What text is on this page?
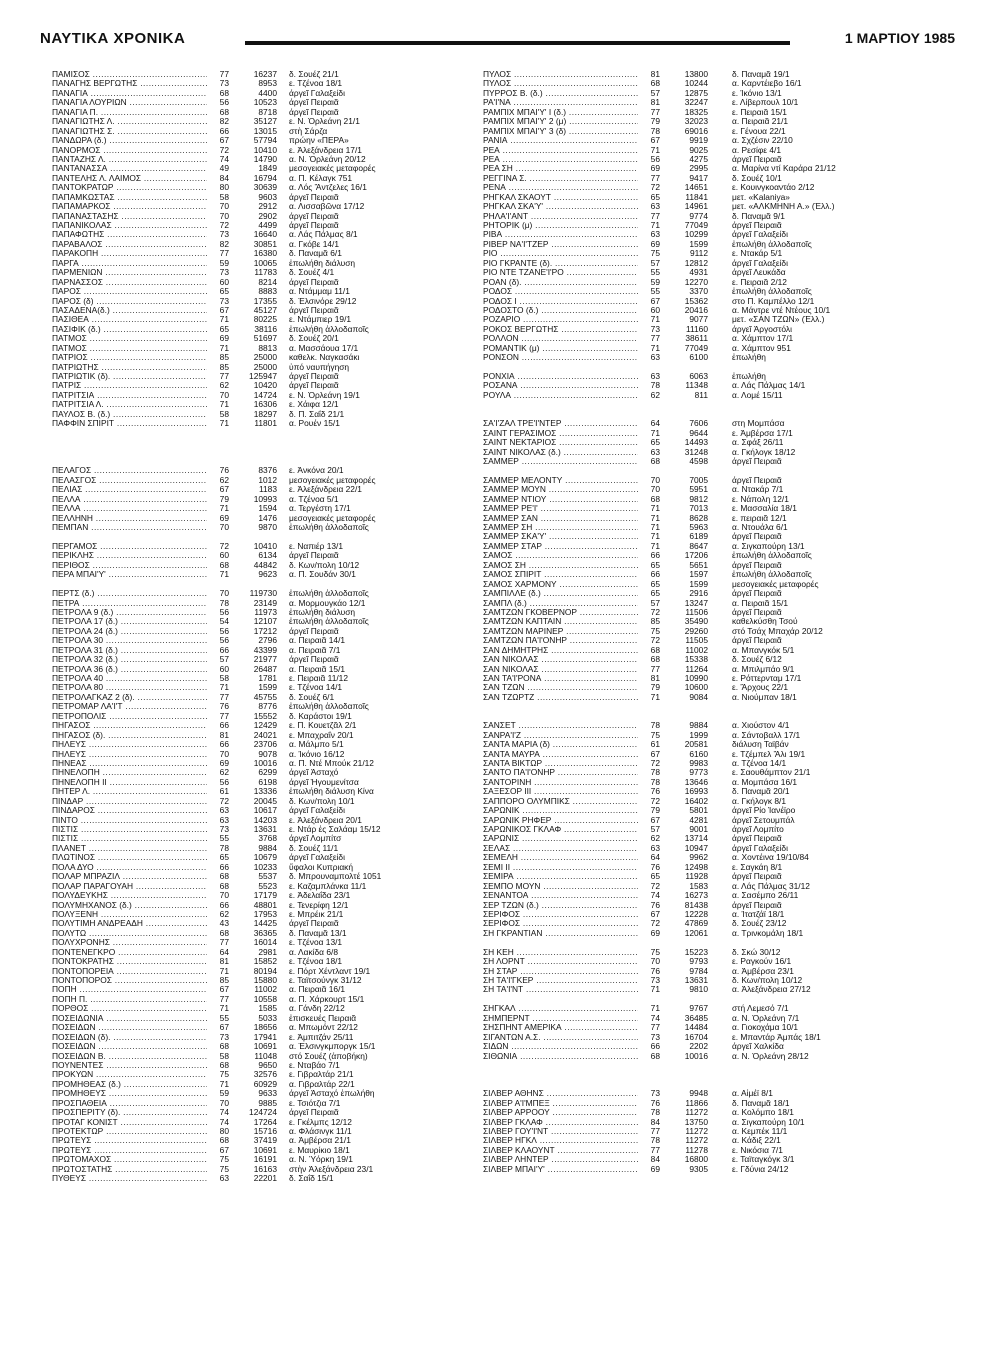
ΝΑΥΤΙΚΑ ΧΡΟΝΙΚΑ	1 ΜΑΡΤΙΟΥ 1985
ΠΑΜΙΣΟΣ .....	77	16237	δ. Σουέζ 21/1
ΠΑΝΑΓΗΣ ΒΕΡΓΩΤΗΣ .....	73	8953	ε. Τζένοα 18/1
ΠΑΝΑΓΙΑ .....	68	4400	άργεῖ Γαλαξείδι
ΠΑΝΑΓΙΑ ΛΟΥΡΙΩΝ .....	56	10523	άργεῖ Πειραιᾶ
ΠΑΝΑΓΙΑ Π. .....	68	8718	άργεῖ Πειραιᾶ
ΠΑΝΑΓΙΩΤΗΣ Λ. .....	82	35127	ε. Ν. Ὀρλεάνη 21/1
ΠΑΝΑΓΙΩΤΗΣ Σ. .....	66	13015	στὴ Σάρζα
ΠΑΝΔΩΡΑ (δ.) .....	67	57794	πρώην «ΠΕΡΑ»
ΠΑΝΟΡΜΟΣ .....	72	10410	ε. Ἀλεξάνδρεια 17/1
ΠΑΝΤΑΖΗΣ Λ. .....	74	14790	α. Ν. Ὀρλεάνη 20/12
ΠΑΝΤΑΝΑΣΣΑ .....	49	1849	μεσογειακές μεταφορές
ΠΑΝΤΕΛΗΣ Λ. ΛΑΙΜΟΣ .....	84	16794	α. Π. Κέλαγκ 751
ΠΑΝΤΟΚΡΑΤΩΡ .....	80	30639	α. Λός Ἄντζελες 16/1
ΠΑΠΑΜΚΩΣΤΑΣ .....	58	9603	άργεῖ Πειραιᾶ
ΠΑΠΑΜΑΡΚΟΣ .....	70	2912	α. Λισσαβῶνα 17/12
ΠΑΠΑΝΑΣΤΑΣΗΣ .....	70	2902	άργεῖ Πειραιᾶ
ΠΑΠΑΝΙΚΟΛΑΣ .....	72	4499	άργεῖ Πειραιᾶ
ΠΑΠΑΦΩΤΗΣ .....	73	16640	α. Λάς Πάλμας 8/1
ΠΑΡΑΒΑΛΟΣ .....	82	30851	α. Γκόβε 14/1
ΠΑΡΑΚΟΠΗ .....	77	16380	δ. Παναμᾶ 6/1
ΠΑΡΓΑ .....	59	10065	ἐπωλήθη διάλυση
ΠΑΡΜΕΝΙΩΝ .....	73	11783	δ. Σουέζ 4/1
ΠΑΡΝΑΣΣΟΣ .....	60	8214	άργεῖ Πειραιᾶ
ΠΑΡΟΣ .....	65	8883	α. Ντάμμαμ 11/1
ΠΑΡΟΣ (δ) .....	73	17355	δ. Ἐλσινόρε 29/12
ΠΑΣΑΔΕΝΑ(δ.) .....	67	45127	άργεῖ Πειραιᾶ
ΠΑΣΙΘΕΑ .....	71	80225	ε. Ντάμπιερ 19/1
ΠΑΣΙΦΙΚ (δ.) .....	65	38116	ἐπωλήθη ἀλλοδαποῖς
ΠΑΤΜΟΣ .....	69	51697	δ. Σουέζ 20/1
ΠΑΤΜΟΣ .....	71	8813	α. Μασσάουα 17/1
ΠΑΤΡΙΟΣ .....	85	25000	καθελκ. Ναγκασάκι
ΠΑΤΡΙΩΤΗΣ .....	85	25000	ὑπό ναυπήγηση
ΠΑΤΡΙΩΤΙΚ (δ). .....	77	125947	άργεῖ Πειραιᾶ
ΠΑΤΡΙΣ .....	62	10420	άργεῖ Πειραιᾶ
ΠΑΤΡΙΤΣΙΑ .....	70	14724	ε. Ν. Ὀρλεάνη 19/1
ΠΑΤΡΙΤΣΙΑ Λ. .....	71	16306	ε. Χάιφα 12/1
ΠΑΥΛΟΣ Β. (δ.) .....	58	18297	δ. Π. Σαΐδ 21/1
ΠΑΦΦΙΝ ΣΠΙΡΙΤ .....	71	11801	α. Ρουέν 15/1
ΠΕΛΑΓΟΣ .....	76	8376	ε. Ἀνκόνα 20/1
ΠΕΛΑΣΓΟΣ .....	62	1012	μεσογειακές μεταφορές
ΠΕΛΙΑΣ .....	67	1183	ε. Ἀλεξάνδρεια 22/1
ΠΕΛΛΑ .....	79	10993	α. Τζένοα 5/1
ΠΕΛΛΑ .....	71	1594	α. Τεργέστη 17/1
ΠΕΛΛΗΝΗ .....	69	1476	μεσογειακές μεταφορές
ΠΕΜΠΑΝ .....	70	9870	ἐπωλήθη ἀλλοδαποῖς
ΠΕΡΓΑΜΟΣ .....	72	10410	ε. Ναπιέρ 13/1
ΠΕΡΙΚΛΗΣ .....	60	6134	άργεῖ Πειραιᾶ
ΠΕΡΙΘΟΣ .....	68	44842	δ. Κων/πολη 10/12
ΠΕΡΑ ΜΠΑΙ'Υ' .....	71	9623	α. Π. Σουδάν 30/1
ΠΕΡΤΣ (δ.) .....	70	119730	ἐπωλήθη ἀλλοδαποῖς
ΠΕΤΡΑ .....	78	23149	α. Μορμουγκάο 12/1
ΠΕΤΡΟΛΑ 9 (δ.) .....	56	11973	ἐπωλήθη διάλυση
ΠΕΤΡΟΛΑ 17 (δ.) .....	54	12107	ἐπωλήθη ἀλλοδαποῖς
ΠΕΤΡΟΛΑ 24 (δ.) .....	56	17212	άργεῖ Πειραιᾶ
ΠΕΤΡΟΛΑ 30 .....	56	2796	α. Πειραιᾶ 14/1
ΠΕΤΡΟΛΑ 31 (δ.) .....	66	43399	α. Πειραιᾶ 7/1
ΠΕΤΡΟΛΑ 32 (δ.) .....	57	21977	άργεῖ Πειραιᾶ
ΠΕΤΡΟΛΑ 36 (δ.) .....	60	26487	α. Πειραιᾶ 15/1
ΠΕΤΡΟΛΑ 40 .....	58	1781	ε. Πειραιᾶ 11/12
ΠΕΤΡΟΛΑ 80 .....	71	1599	ε. Τζένοα 14/1
ΠΕΤΡΟΛΑΓΚΑΖ 2 (δ). .....	77	45755	δ. Σουέζ 6/1
ΠΕΤΡΟΜΑΡ ΛΑ'Ι'Τ .....	76	8776	ἐπωλήθη ἀλλοδαποῖς
ΠΕΤΡΟΠΟΛΙΣ .....	77	15552	δ. Καράστοι 19/1
ΠΗΓΑΣΟΣ .....	66	12429	ε. Π. Κουετζᾶλ 2/1
ΠΗΓΑΣΟΣ (δ). .....	81	24021	ε. Μπαχραΐν 20/1
ΠΗΛΕΥΣ .....	66	23706	α. Μάλμπο 5/1
ΠΗΛΕΥΣ .....	70	9078	α. Ἰκόνιο 16/12
ΠΗΝΕΑΣ .....	69	10016	α. Π. Ντέ Μπούκ 21/12
ΠΗΝΕΛΟΠΗ .....	62	6299	άργεῖ Ἀσταχό
ΠΗΝΕΛΟΠΗ ΙΙ .....	56	6198	άργεῖ Ἡγουμενίτσα
ΠΗΤΕΡ Λ. .....	61	13336	ἐπωλήθη διάλυση Κίνα
ΠΙΝΔΑΡ .....	72	20045	δ. Κων/πολη 10/1
ΠΙΝΔΑΡΟΣ .....	63	10617	άργεῖ Γαλαξείδι
ΠΙΝΤΟ .....	63	14203	ε. Ἀλεξάνδρεια 20/1
ΠΙΣΤΙΣ .....	73	13631	ε. Ντάρ ἐς Σαλάαμ 15/12
ΠΙΣΤΙΣ .....	55	3768	άργεῖ Λομπίτσ
ΠΛΑΝΕΤ .....	78	9884	δ. Σουέζ 11/1
ΠΛΩΤΙΝΟΣ .....	65	10679	άργεῖ Γαλαξείδι
ΠΟΛΑ ΔΥΟ .....	66	10233	ὕφαλοι Κυπριακή
ΠΟΛΑΡ ΜΠΡΑΖΙΛ .....	68	5537	δ. Μπρουναμπολτέ 1051
ΠΟΛΑΡ ΠΑΡΑΓΟΥΑΗ .....	68	5523	ε. Καζαμπλάνκα 11/1
ΠΟΛΥΔΕΥΚΗΣ .....	70	17179	ε. Ἀδελαΐδα 23/1
ΠΟΛΥΜΗΧΑΝΟΣ (δ.) .....	66	48801	ε. Τενερίφη 12/1
ΠΟΛΥΞΕΝΗ .....	62	17953	ε. Μπρέικ 21/1
ΠΟΛΥΤΙΜΗ ΑΝΔΡΕΑΔΗ .....	43	14425	άργεῖ Πειραιᾶ
ΠΟΛΥΤΩ .....	68	36365	δ. Παναμᾶ 13/1
ΠΟΛΥΧΡΟΝΗΣ .....	77	16014	ε. Τζένοα 13/1
ΠΟΝΤΕΝΕΓΚΡΟ .....	64	2981	α. Λακίδα 6/8
ΠΟΝΤΟΚΡΑΤΗΣ .....	81	15852	ε. Τζένοα 18/1
ΠΟΝΤΟΠΟΡΕΙΑ .....	71	80194	ε. Πόρτ Χέντλαντ 19/1
ΠΟΝΤΟΠΟΡΟΣ .....	85	15880	ε. Ταϊτσούνγκ 31/12
ΠΟΠΗ .....	67	11002	α. Πειραιᾶ 16/1
ΠΟΠΗ Π. .....	77	10558	α. Π. Χάρκουρτ 15/1
ΠΟΡΘΟΣ .....	71	1585	α. Γάνδη 22/12
ΠΟΣΕΙΔΩΝΙΑ .....	55	5033	ἐπισκευές Πειραιᾶ
ΠΟΣΕΙΔΩΝ .....	67	18656	α. Μπωμόντ 22/12
ΠΟΣΕΙΔΩΝ (δ). .....	73	17941	ε. Ἀμπιτζάν 25/11
ΠΟΣΕΙΔΩΝ .....	68	10691	α. Ἐλσινγκμποργκ 15/1
ΠΟΣΕΙΔΩΝ Β. .....	58	11048	στό Σουέζ (ἀποβήκη)
ΠΟΥΝΕΝΤΕΣ .....	68	9650	ε. Νταβάο 7/1
ΠΡΟΚΥΩΝ .....	75	32576	ε. Γιβραλτάρ 21/1
ΠΡΟΜΗΘΕΑΣ (δ.) .....	71	60929	α. Γιβραλτάρ 22/1
ΠΡΟΜΗΘΕΥΣ .....	59	9633	άργεῖ Ἀσταχό ἐπωλήθη
ΠΡΟΣΠΑΘΕΙΑ .....	70	9885	ε. Τσιότζια 7/1
ΠΡΟΣΠΕΡΙΤΥ (δ). .....	74	124724	άργεῖ Πειραιᾶ
ΠΡΟΤΑΓ ΚΟΝΙΣΤ .....	74	17264	ε. Γκέλμπς 12/12
ΠΡΟΤΕΚΤΩΡ .....	80	15716	α. Φλάσινγκ 11/1
ΠΡΩΤΕΥΣ .....	68	37419	α. Ἀμβέρσα 21/1
ΠΡΩΤΕΥΣ .....	67	10691	ε. Μαυρίκιο 18/1
ΠΡΩΤΟΜΑΧΟΣ .....	75	16191	α. Ν. Ὑόρκη 19/1
ΠΡΩΤΟΣΤΑΤΗΣ .....	75	16163	στὴν Ἀλεξάνδρεια 23/1
ΠΥΘΕΥΣ .....	63	22201	δ. Σαΐδ 15/1
ΠΥΛΟΣ .....	81	13800	δ. Παναμᾶ 19/1
ΠΥΛΟΣ .....	68	10244	α. Καρντέιεβο 16/1
ΠΥΡΡΟΣ Β. (δ.) .....	57	12875	ε. Ἰκόνιο 13/1
ΡΑ'Ι'ΝΑ .....	81	32247	ε. Λίβερπουλ 10/1
ΡΑΜΠΙΧ ΜΠΑΙ'Υ' Ι (δ.) .....	77	18325	ε. Πειραιᾶ 15/1
ΡΑΜΠΙΧ ΜΠΑΙ'Υ' 2 (μ) .....	79	32023	α. Πειραιᾶ 21/1
ΡΑΜΠΙΧ ΜΠΑΙ'Υ' 3 (δ) .....	78	69016	ε. Γένουα 22/1
ΡΑΝΙΑ .....	67	9919	α. Σχζέσιν 22/10
ΡΕΑ .....	71	9025	α. Ρεσίφε 4/1
ΡΕΑ .....	56	4275	άργεῖ Πειραιᾶ
ΡΕΑ ΣΗ .....	69	2995	α. Μαρίνα ντί Καράρα 21/12
ΡΕΓΓΙΝΑ Σ. .....	77	9417	δ. Σουέζ 10/1
ΡΕΝΑ .....	72	14651	ε. Κουινγκοαντάο 2/12
ΡΗΓΚΑΛ ΣΚΑΟΥΤ .....	65	11841	μετ. «Kalaniya»
ΡΗΓΚΑΛ ΣΚΑ'Υ' .....	63	14961	μετ. «ΑΛΚΜΗΝΗ Α.» (Ἑλλ.)
ΡΗΛΑ'Ι'ΑΝΤ .....	77	9774	δ. Παναμᾶ 9/1
ΡΗΤΟΡΙΚ (μ) .....	71	77049	άργεῖ Πειραιᾶ
ΡΙΒΑ .....	63	10299	άργεῖ Γαλαξείδι
ΡΙΒΕΡ ΝΑ'Ι'ΤΖΕΡ .....	69	1599	ἐπωλήθη ἀλλοδαποῖς
ΡΙΟ .....	75	9112	ε. Ντακάρ 5/1
ΡΙΟ ΓΚΡΑΝΤΕ (δ). .....	57	12812	άργεῖ Γαλαξείδι
ΡΙΟ ΝΤΕ ΤΖΑΝΕ'Ι'ΡΟ .....	55	4931	άργεῖ Λευκάδα
ΡΟΑΝ (δ). .....	59	12270	ε. Πειραιᾶ 2/12
ΡΟΔΟΣ .....	55	3370	ἐπωλήθη ἀλλοδαποῖς
ΡΟΔΟΣ Ι .....	67	15362	στο Π. Καμπέλλο 12/1
ΡΟΔΟΣΤΟ (δ.) .....	60	20416	α. Μάντρε ντέ Ντέους 10/1
ΡΟΖΑΡΙΟ .....	71	9077	μετ. «ΣΑΝ ΤΖΩΝ» (Ἑλλ.)
ΡΟΚΟΣ ΒΕΡΓΩΤΗΣ .....	73	11160	άργεῖ Ἀργοστόλι
ΡΟΛΛΟΝ .....	77	38611	α. Χάμπτον 17/1
ΡΟΜΑΝΤΙΚ (μ) .....	71	77049	α. Χάμπτον 951
ΡΟΝΣΟΝ .....	63	6100	ἐπωλήθη
ΡΟΝΧΙΑ .....	63	6063	ἐπωλήθη
ΡΟΣΑΝΑ .....	78	11348	α. Λάς Πάλμας 14/1
ΡΟΥΛΑ .....	62	811	α. Λομέ 15/11
ΣΑ'Ι'ΖΑΛ ΤΡΕ'Ι'ΝΤΕΡ .....	64	7606	στη Μομπάσα
ΣΑΙΝΤ ΓΕΡΑΣΙΜΟΣ .....	71	9644	ε. Ἀμβέρσα 17/1
ΣΑΙΝΤ ΝΕΚΤΑΡΙΟΣ .....	65	14493	α. Σφάξ 26/11
ΣΑΙΝΤ ΝΙΚΟΛΑΣ (δ.) .....	63	31248	α. Γκήλογκ 18/12
ΣΑΜΜΕΡ .....	68	4598	άργεῖ Πειραιᾶ
ΣΑΜΜΕΡ ΜΕΛΟΝΤΥ .....	70	7005	άργεῖ Πειραιᾶ
ΣΑΜΜΕΡ ΜΟΥΝ .....	70	5951	α. Ντακάρ 7/1
ΣΑΜΜΕΡ ΝΤΙΟΥ .....	68	9812	ε. Νάπολη 12/1
ΣΑΜΜΕΡ ΡΕ'Ι' .....	71	7013	ε. Μασσαλία 18/1
ΣΑΜΜΕΡ ΣΑΝ .....	71	8628	ε. πειραιᾶ 12/1
ΣΑΜΜΕΡ ΣΗ .....	71	5963	α. Ντουάλα 6/1
ΣΑΜΜΕΡ ΣΚΑ'Υ' .....	71	6189	άργεῖ Πειραιᾶ
ΣΑΜΜΕΡ ΣΤΑΡ .....	71	8647	α. Σιγκαπούρη 13/1
ΣΑΜΟΣ .....	66	17206	ἐπωλήθη ἀλλοδαποῖς
ΣΑΜΟΣ ΣΗ .....	65	5651	άργεῖ Πειραιᾶ
ΣΑΜΟΣ ΣΠΙΡΙΤ .....	66	1597	ἐπωλήθη ἀλλοδαποῖς
ΣΑΜΟΣ ΧΑΡΜΟΝΥ .....	65	1599	μεσογειακές μεταφορές
ΣΑΜΠΙΛΛΕ (δ.) .....	65	2916	άργεῖ Πειραιᾶ
ΣΑΜΠΛ (δ.) .....	57	13247	α. Πειραιᾶ 15/1
ΣΑΜΤΖΩΝ ΓΚΟΒΕΡΝΟΡ .....	72	11506	άργεῖ Πειραιᾶ
ΣΑΜΤΖΩΝ ΚΑΠΤΑΙΝ .....	85	35490	καθελκύσθη Τσού
ΣΑΜΤΖΩΝ ΜΑΡΙΝΕΡ .....	75	29260	στό Τσάχ Μπαχάρ 20/12
ΣΑΜΤΖΩΝ ΠΑ'Ι'ΟΝΗΡ .....	72	11505	άργεῖ Πειραιᾶ
ΣΑΝ ΔΗΜΗΤΡΗΣ .....	68	11002	α. Μπανγκόκ 5/1
ΣΑΝ ΝΙΚΟΛΑΣ .....	68	15338	δ. Σουέζ 6/12
ΣΑΝ ΝΙΚΟΛΑΣ .....	77	11264	α. Μπιλμπάο 9/1
ΣΑΝ ΤΑ'Ι'ΡΟΝΑ .....	81	10990	ε. Ρόττερνταμ 17/1
ΣΑΝ ΤΖΩΝ .....	79	10600	ε. Ἄρχους 22/1
ΣΑΝ ΤΖΩΡΤΖ .....	71	9084	α. Νιούμπαν 18/1
ΣΑΝΣΕΤ .....	78	9884	α. Χιούστον 4/1
ΣΑΝΡΑ'Ι'Ζ .....	75	1999	α. Σάντοβαλλ 17/1
ΣΑΝΤΑ ΜΑΡΙΑ (δ) .....	61	20581	διάλυση Ταϊβάν
ΣΑΝΤΑ ΜΑΥΡΑ .....	67	6160	ε. Τζέμπελ Ἄλι 19/1
ΣΑΝΤΑ ΒΙΚΤΩΡ .....	72	9983	α. Τζένοα 14/1
ΣΑΝΤΟ ΠΑ'Ι'ΟΝΗΡ .....	78	9773	ε. Σαουθάμπτον 21/1
ΣΑΝΤΟΡΙΝΗ .....	78	13646	α. Μομπάσα 16/1
ΣΑΞΕΣΟΡ ΙΙΙ .....	76	16993	δ. Παναμᾶ 20/1
ΣΑΠΠΟΡΟ ΟΛΥΜΠΙΚΣ .....	72	16402	α. Γκήλογκ 8/1
ΣΑΡΩΝΙΚ .....	79	5801	άργεῖ Ρίο Ἰανέϊρο
ΣΑΡΩΝΙΚ ΡΗΦΕΡ .....	67	4281	άργεῖ Σετουμπάλ
ΣΑΡΩΝΙΚΟΣ ΓΚΛΑΦ .....	57	9001	άργεῖ Λομπίτο
ΣΑΡΩΝΙΣ .....	62	13714	άργεῖ Πειραιᾶ
ΣΕΛΑΣ .....	63	10947	άργεῖ Γαλαξείδι
ΣΕΜΕΛΗ .....	64	9962	α. Χοντέινα 19/10/84
ΣΕΜΙ ΙΙ .....	76	12498	ε. Σαγκάη 8/1
ΣΕΜΙΡΑ .....	65	11928	άργεῖ Πειραιᾶ
ΣΕΜΠΟ ΜΟΥΝ .....	72	1583	α. Λάς Πάλμας 31/12
ΣΕΝΑΝΤΟΑ .....	74	16273	α. Σασέμπο 26/11
ΣΕΡ ΤΖΩΝ (δ.) .....	76	81438	άργεῖ Πειραιᾶ
ΣΕΡΙΦΟΣ .....	67	12228	α. Ἰτατζάϊ 18/1
ΣΕΡΙΦΟΣ .....	72	47869	δ. Σουέζ 23/12
ΣΗ ΓΚΡΑΝΤΙΑΝ .....	69	12061	α. Τρινκομάλη 18/1
ΣΗ ΚΕΗ .....	75	15223	δ. Σκώ 30/12
ΣΗ ΛΟΡΝΤ .....	70	9793	ε. Ραγκούν 16/1
ΣΗ ΣΤΑΡ .....	76	9784	α. Ἀμβέρσα 23/1
ΣΗ ΤΑ'Ι'ΓΚΕΡ .....	73	13631	δ. Κων/πολη 10/12
ΣΗ ΤΑ'Ι'ΝΤ .....	71	9810	α. Ἀλεξάνδρεια 27/12
ΣΗΓΚΑΛ .....	71	9767	στή Λεμεσό 7/1
ΣΗΜΠΕΡΝΤ .....	74	36485	α. Ν. Ὀρλεάνη 7/1
ΣΗΣΠΗΝΤ ΑΜΕΡΙΚΑ .....	77	14484	α. Γιοκοχάμα 10/1
ΣΙΓΑΝΤΩΝ Α.Σ. .....	73	16704	ε. Μπαντάρ Ἀμπάς 18/1
ΣΙΔΩΝ .....	66	2202	άργεῖ Χαλκίδα
ΣΙΘΩΝΙΑ .....	68	10016	α. Ν. Ὀρλεάνη 28/12
ΣΙΛΒΕΡ ΑΘΗΝΣ .....	73	9948	α. Αἰμέϊ 8/1
ΣΙΛΒΕΡ Α'Ι'ΜΠΕΞ .....	76	11866	δ. Παναμᾶ 18/1
ΣΙΛΒΕΡ ΑΡΡΟΟΥ .....	78	11272	α. Κολόμπο 18/1
ΣΙΛΒΕΡ ΓΚΛΑΦ .....	84	13750	α. Σιγκαπούρη 10/1
ΣΙΛΒΕΡ ΓΟΥ'Ι'ΝΤ .....	77	11272	α. Κεμπέκ 11/1
ΣΙΛΒΕΡ ΗΓΚΛ .....	78	11272	α. Κάδιξ 22/1
ΣΙΛΒΕΡ ΚΛΑΟΥΝΤ .....	77	11278	ε. Νικόσια 7/1
ΣΙΛΒΕΡ ΛΗΝΤΕΡ .....	84	16800	ε. Ταϊταγκόγκ 3/1
ΣΙΛΒΕΡ ΜΠΑΙ'Υ' .....	69	9305	ε. Γδύνια 24/12
